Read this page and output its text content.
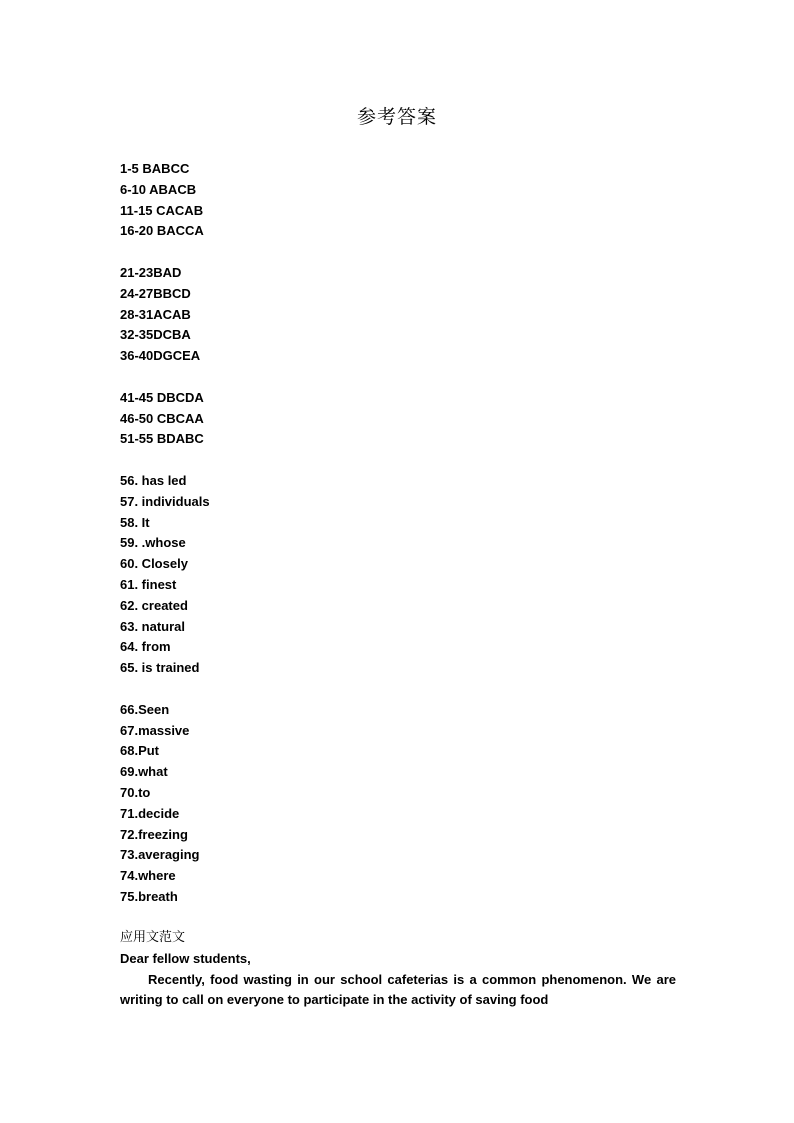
参考答案
1-5 BABCC
6-10 ABACB
11-15 CACAB
16-20 BACCA
21-23BAD
24-27BBCD
28-31ACAB
32-35DCBA
36-40DGCEA
41-45 DBCDA
46-50 CBCAA
51-55 BDABC
56. has led
57. individuals
58. It
59. .whose
60. Closely
61. finest
62. created
63. natural
64. from
65. is trained
66.Seen
67.massive
68.Put
69.what
70.to
71.decide
72.freezing
73.averaging
74.where
75.breath
应用文范文
Dear fellow students,

Recently, food wasting in our school cafeterias is a common phenomenon. We are writing to call on everyone to participate in the activity of saving food
